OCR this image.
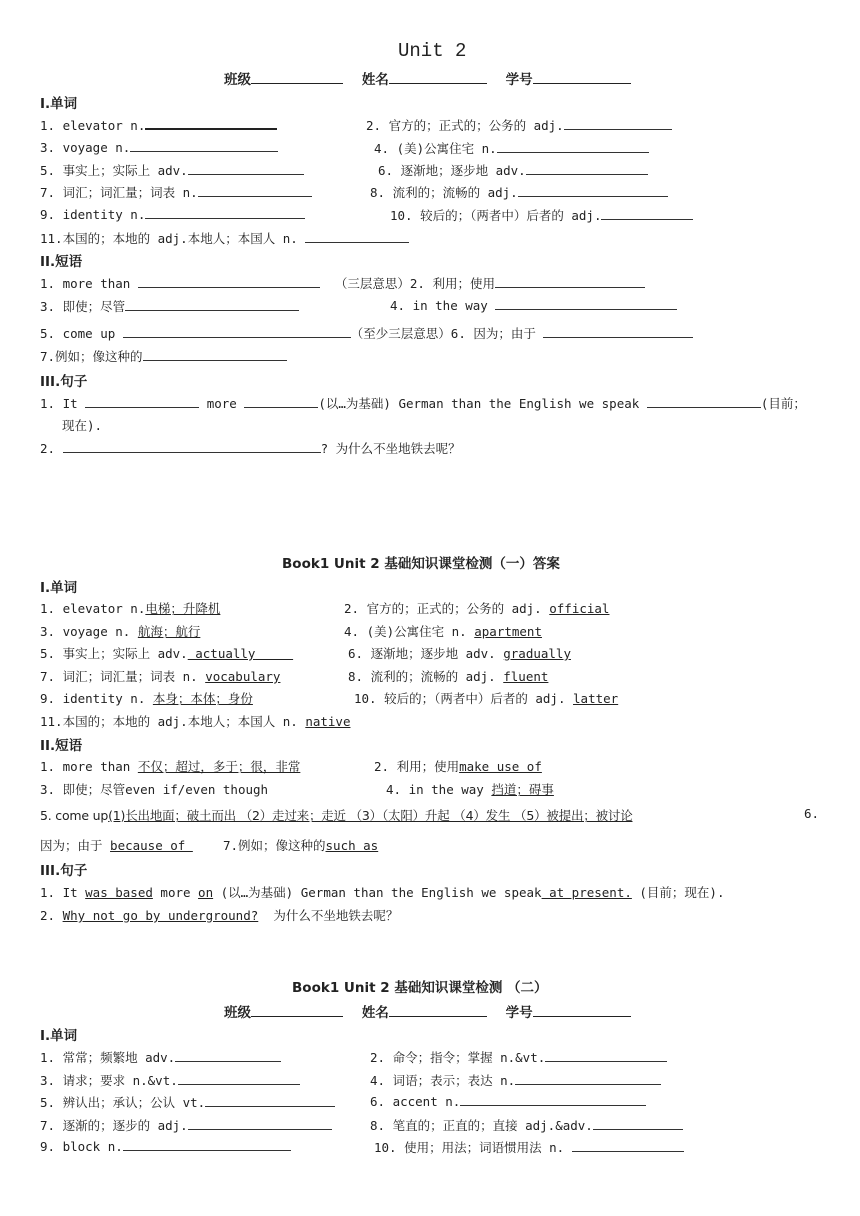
Unit 2
班级	姓名	学号
I.单词
1. elevator n.	2. 官方的；正式的；公务的 adj.
3. voyage n.	4. (美)公寓住宅 n.
5. 事实上；实际上 adv.	6. 逐渐地；逐步地 adv.
7. 词汇；词汇量；词表 n.	8. 流利的；流畅的 adj.
9. identity n.	10. 较后的；（两者中）后者的 adj.
11.本国的；本地的 adj.本地人；本国人 n.
II.短语
1. more than	（三层意思）2. 利用；使用
3. 即使；尽管	4. in the way
5. come up	（至少三层意思）6. 因为；由于
7.例如；像这种的
III.句子
1. It	more	(以…为基础) German than the English we speak	(目前；
现在).
2.	? 为什么不坐地铁去呢？
Book1 Unit 2 基础知识课堂检测（一）答案
I.单词
1. elevator n.电梯；升降机	2. 官方的；正式的；公务的 adj. official
3. voyage n. 航海；航行	4. (美)公寓住宅 n. apartment
5. 事实上；实际上 adv. actually	6. 逐渐地；逐步地 adv. gradually
7. 词汇；词汇量；词表 n. vocabulary	8. 流利的；流畅的 adj. fluent
9. identity n. 本身；本体；身份	10. 较后的；（两者中）后者的 adj. latter
11.本国的；本地的 adj.本地人；本国人 n. native
II.短语
1. more than 不仅；超过，多于；很，非常	2. 利用；使用make use of
3. 即使；尽管even if/even though	4. in the way 挡道；碍事
5. come up(1)长出地面；破土而出 （2）走过来；走近 （3）（太阳）升起 （4）发生 （5）被提出；被讨论	6.
因为；由于 because of     7.例如；像这种的such as
III.句子
1. It was based more on (以…为基础) German than the English we speak at present. (目前；现在).
2. Why not go by underground? 为什么不坐地铁去呢？
Book1 Unit 2 基础知识课堂检测 （二）
班级	姓名	学号
I.单词
1. 常常；频繁地 adv.	2. 命令；指令；掌握 n.&vt.
3. 请求；要求 n.&vt.	4. 词语；表示；表达 n.
5. 辨认出；承认；公认 vt.	6. accent n.
7. 逐渐的；逐步的 adj.	8. 笔直的；正直的；直接 adj.&adv.
9. block n.	10. 使用；用法；词语惯用法 n.
